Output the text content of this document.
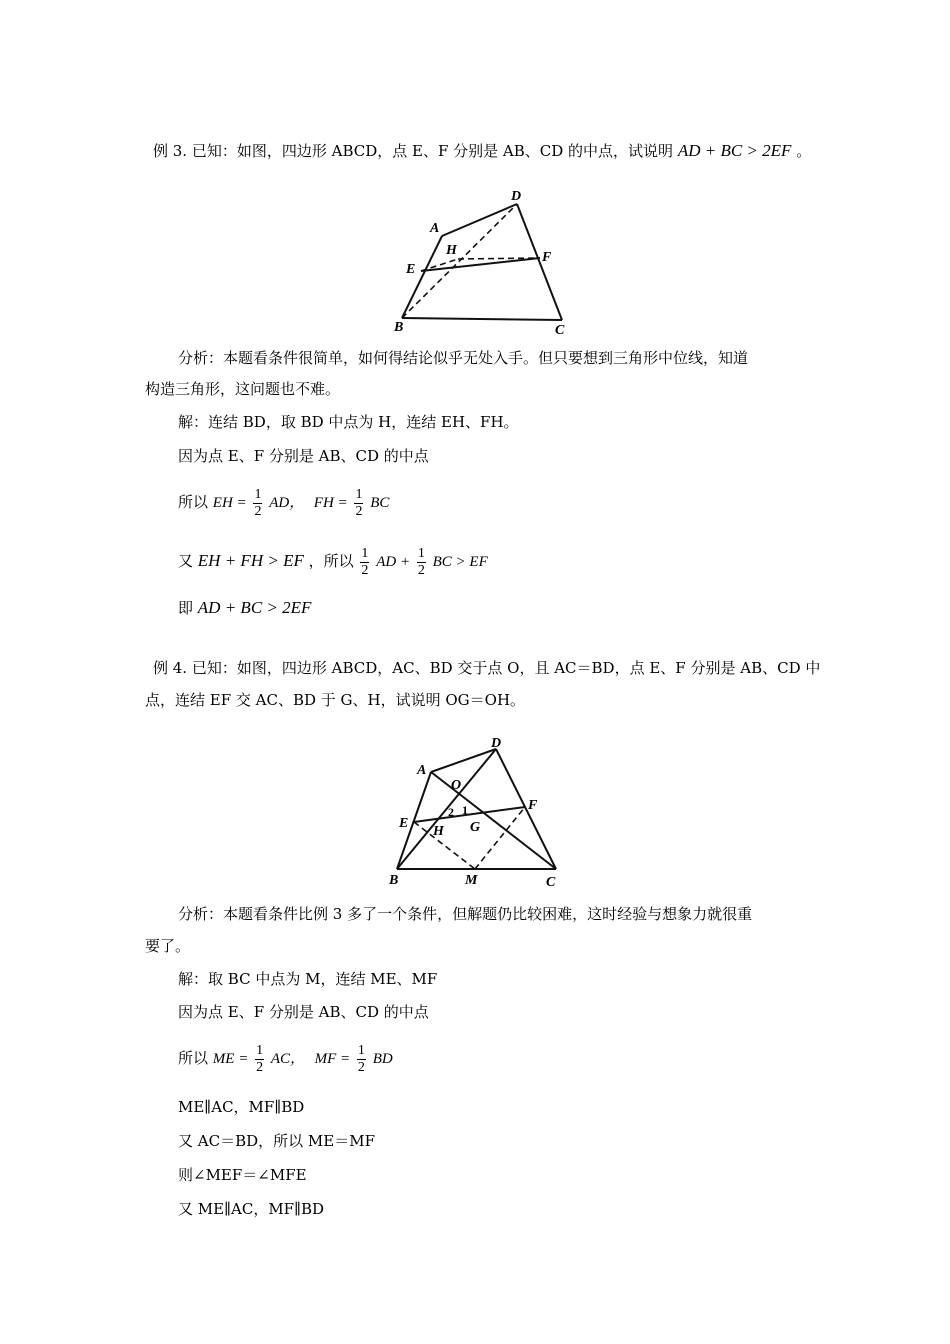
例 3. 已知：如图，四边形 ABCD，点 E、F 分别是 AB、CD 的中点，试说明 AD + BC > 2EF 。
A
D
H
E
F
B	C
分析：本题看条件很简单，如何得结论似乎无处入手。但只要想到三角形中位线，知道
构造三角形，这问题也不难。
解：连结 BD，取 BD 中点为 H，连结 EH、FH。
因为点 E、F 分别是 AB、CD 的中点
所以 EH = $\frac{1}{2}$ AD， FH = $\frac{1}{2}$ BC
又 EH + FH > EF ，所以 $\frac{1}{2}$ AD + $\frac{1}{2}$ BC > EF
即 AD + BC > 2EF
例 4. 已知：如图，四边形 ABCD，AC、BD 交于点 O，且 AC＝BD，点 E、F 分别是 AB、CD 中
点，连结 EF 交 AC、BD 于 G、H，试说明 OG＝OH。
A
D
O
2 1	F
E
H G
B	M	C
分析：本题看条件比例 3 多了一个条件，但解题仍比较困难，这时经验与想象力就很重
要了。
解：取 BC 中点为 M，连结 ME、MF
因为点 E、F 分别是 AB、CD 的中点
所以 ME = $\frac{1}{2}$ AC， MF = $\frac{1}{2}$ BD
ME∥AC，MF∥BD
又 AC＝BD，所以 ME＝MF
则∠MEF＝∠MFE
又 ME∥AC，MF∥BD
